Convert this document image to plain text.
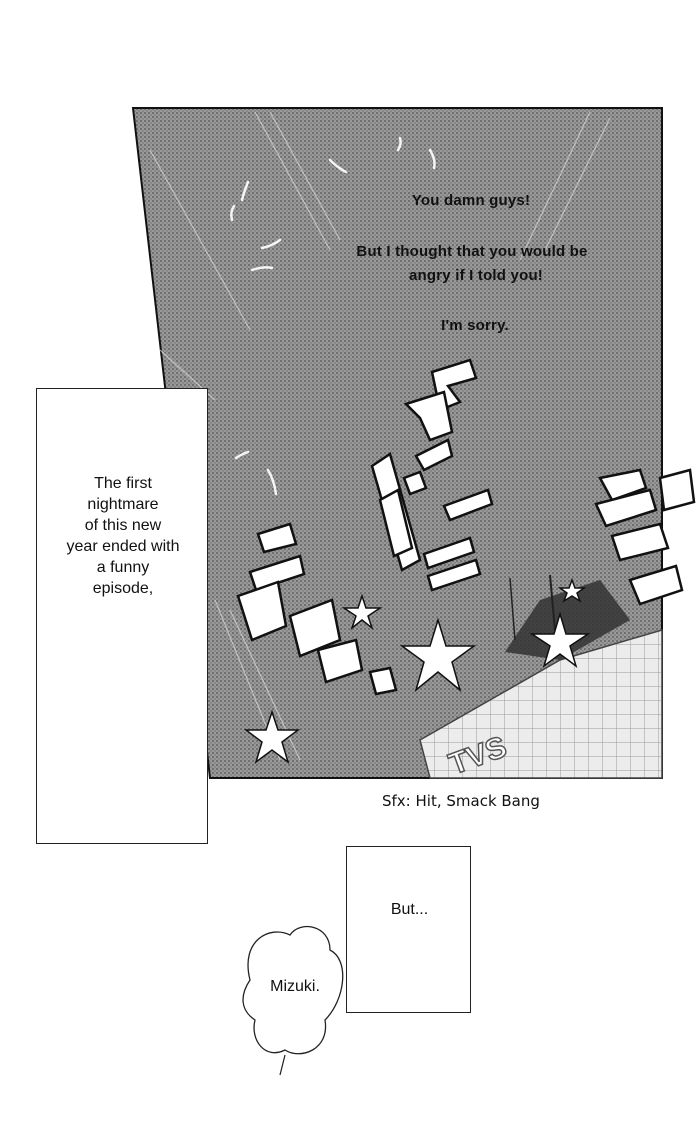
TVS
You damn guys!
But I thought that you would be
angry if I told you!
I'm sorry.
The first
nightmare
of this new
year ended with
a funny
episode,
Sfx: Hit, Smack Bang
But...
Mizuki.
